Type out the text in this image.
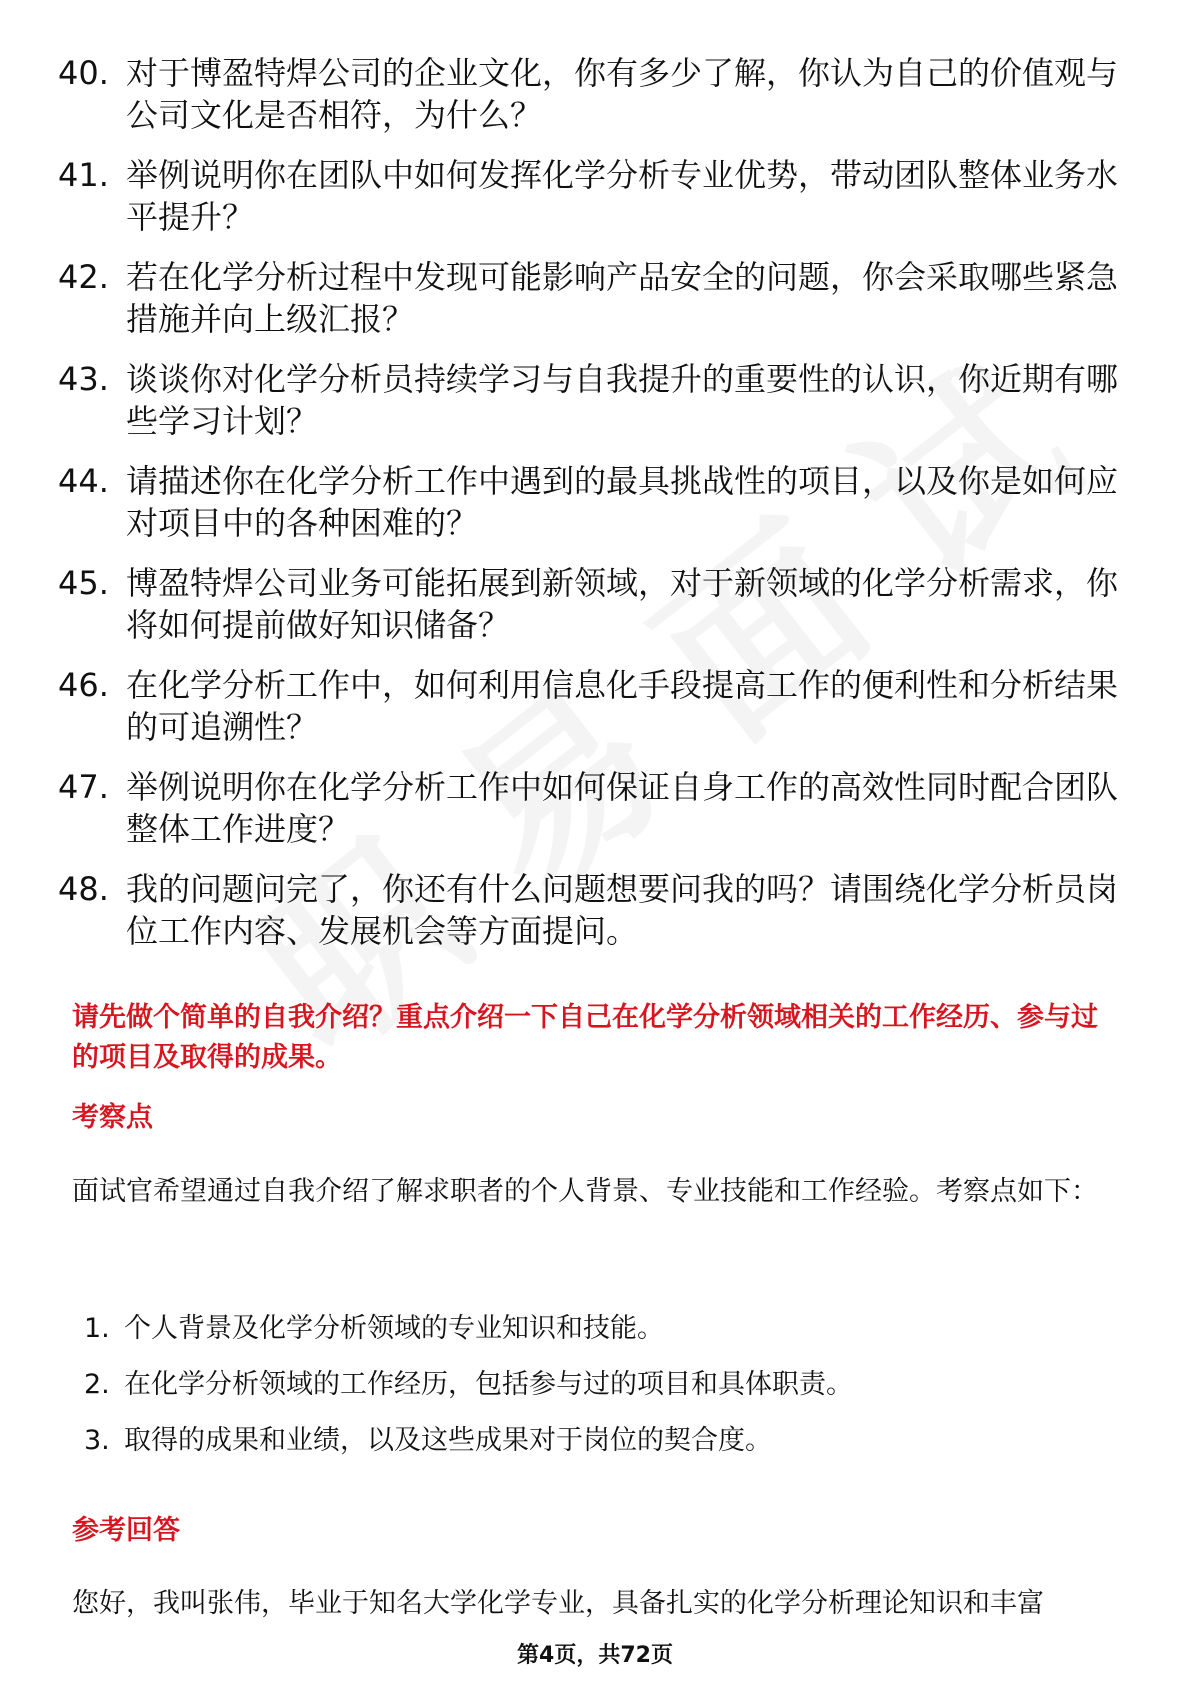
40. 对于博盈特焊公司的企业文化，你有多少了解，你认为自己的价值观与公司文化是否相符，为什么？
41. 举例说明你在团队中如何发挥化学分析专业优势，带动团队整体业务水平提升？
42. 若在化学分析过程中发现可能影响产品安全的问题，你会采取哪些紧急措施并向上级汇报？
43. 谈谈你对化学分析员持续学习与自我提升的重要性的认识，你近期有哪些学习计划？
44. 请描述你在化学分析工作中遇到的最具挑战性的项目，以及你是如何应对项目中的各种困难的？
45. 博盈特焊公司业务可能拓展到新领域，对于新领域的化学分析需求，你将如何提前做好知识储备？
46. 在化学分析工作中，如何利用信息化手段提高工作的便利性和分析结果的可追溯性？
47. 举例说明你在化学分析工作中如何保证自身工作的高效性同时配合团队整体工作进度？
48. 我的问题问完了，你还有什么问题想要问我的吗？请围绕化学分析员岗位工作内容、发展机会等方面提问。
请先做个简单的自我介绍？重点介绍一下自己在化学分析领域相关的工作经历、参与过的项目及取得的成果。
考察点
面试官希望通过自我介绍了解求职者的个人背景、专业技能和工作经验。考察点如下：
1. 个人背景及化学分析领域的专业知识和技能。
2. 在化学分析领域的工作经历，包括参与过的项目和具体职责。
3. 取得的成果和业绩，以及这些成果对于岗位的契合度。
参考回答
您好，我叫张伟，毕业于知名大学化学专业，具备扎实的化学分析理论知识和丰富
第4页，共72页
